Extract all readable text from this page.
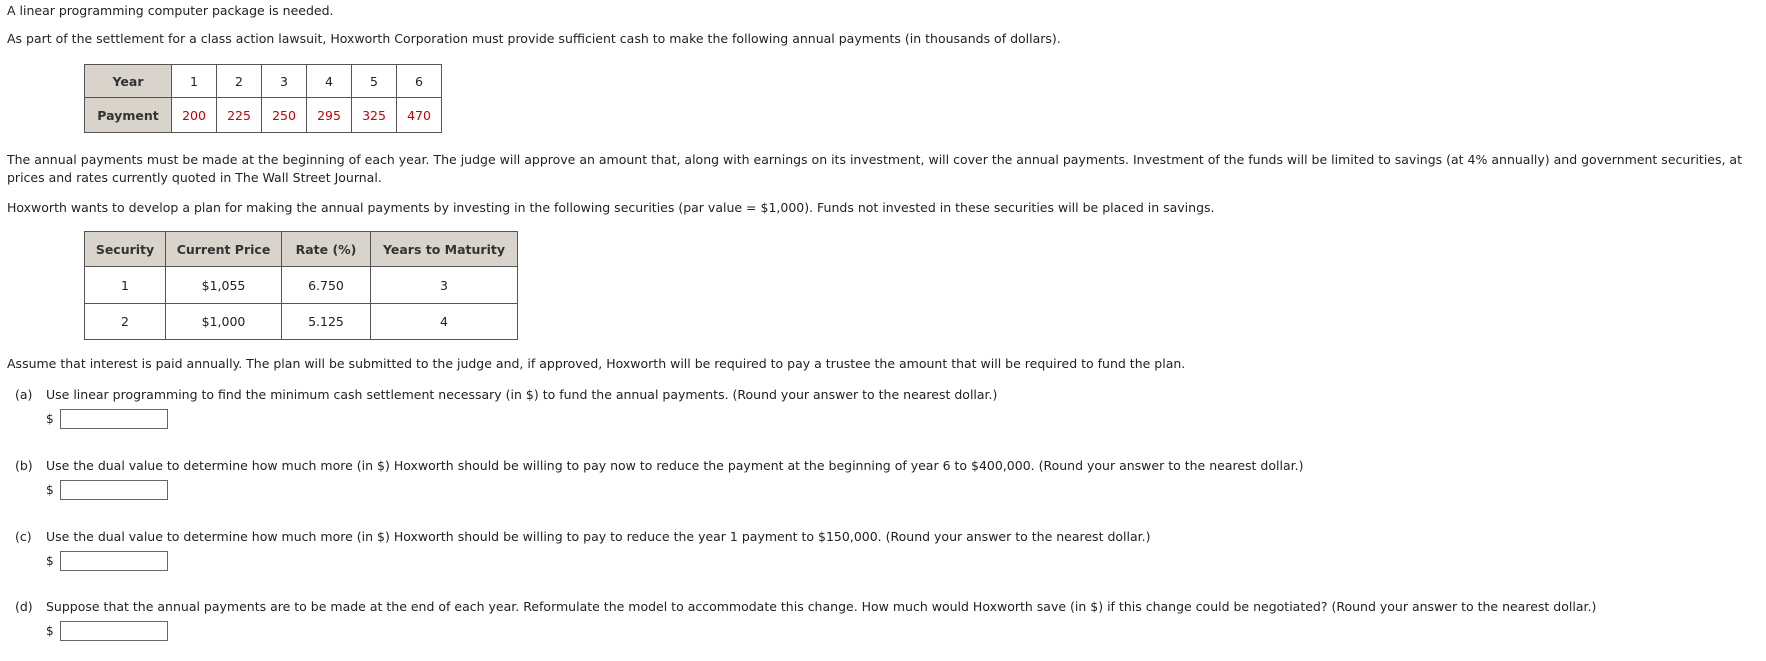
A linear programming computer package is needed.

As part of the settlement for a class action lawsuit, Hoxworth Corporation must provide sufficient cash to make the following annual payments (in thousands of dollars).

Year	1	2	3	4	5	6
Payment	200	225	250	295	325	470

The annual payments must be made at the beginning of each year. The judge will approve an amount that, along with earnings on its investment, will cover the annual payments. Investment of the funds will be limited to savings (at 4% annually) and government securities, at prices and rates currently quoted in The Wall Street Journal.

Hoxworth wants to develop a plan for making the annual payments by investing in the following securities (par value = $1,000). Funds not invested in these securities will be placed in savings.

Security	Current Price	Rate (%)	Years to Maturity
1	$1,055	6.750	3
2	$1,000	5.125	4

Assume that interest is paid annually. The plan will be submitted to the judge and, if approved, Hoxworth will be required to pay a trustee the amount that will be required to fund the plan.

(a) Use linear programming to find the minimum cash settlement necessary (in $) to fund the annual payments. (Round your answer to the nearest dollar.)
$
(b) Use the dual value to determine how much more (in $) Hoxworth should be willing to pay now to reduce the payment at the beginning of year 6 to $400,000. (Round your answer to the nearest dollar.)
$
(c) Use the dual value to determine how much more (in $) Hoxworth should be willing to pay to reduce the year 1 payment to $150,000. (Round your answer to the nearest dollar.)
$
(d) Suppose that the annual payments are to be made at the end of each year. Reformulate the model to accommodate this change. How much would Hoxworth save (in $) if this change could be negotiated? (Round your answer to the nearest dollar.)
$
